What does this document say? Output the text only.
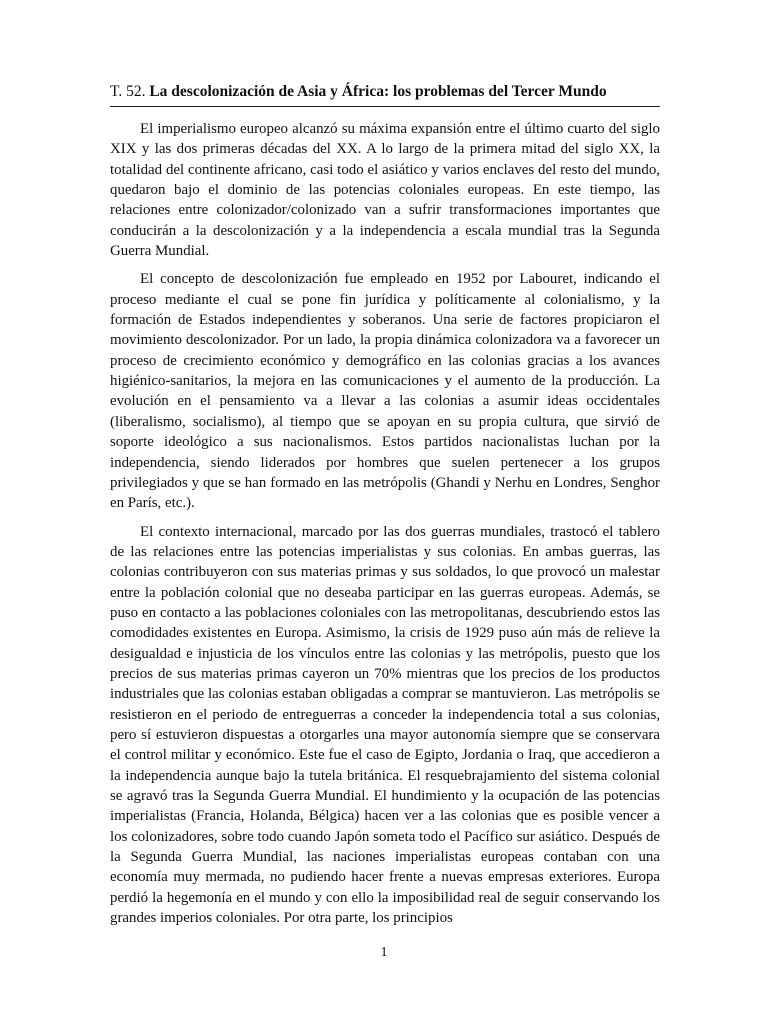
T. 52. La descolonización de Asia y África: los problemas del Tercer Mundo

El imperialismo europeo alcanzó su máxima expansión entre el último cuarto del siglo XIX y las dos primeras décadas del XX. A lo largo de la primera mitad del siglo XX, la totalidad del continente africano, casi todo el asiático y varios enclaves del resto del mundo, quedaron bajo el dominio de las potencias coloniales europeas. En este tiempo, las relaciones entre colonizador/colonizado van a sufrir transformaciones importantes que conducirán a la descolonización y a la independencia a escala mundial tras la Segunda Guerra Mundial.

El concepto de descolonización fue empleado en 1952 por Labouret, indicando el proceso mediante el cual se pone fin jurídica y políticamente al colonialismo, y la formación de Estados independientes y soberanos. Una serie de factores propiciaron el movimiento descolonizador. Por un lado, la propia dinámica colonizadora va a favorecer un proceso de crecimiento económico y demográfico en las colonias gracias a los avances higiénico-sanitarios, la mejora en las comunicaciones y el aumento de la producción. La evolución en el pensamiento va a llevar a las colonias a asumir ideas occidentales (liberalismo, socialismo), al tiempo que se apoyan en su propia cultura, que sirvió de soporte ideológico a sus nacionalismos. Estos partidos nacionalistas luchan por la independencia, siendo liderados por hombres que suelen pertenecer a los grupos privilegiados y que se han formado en las metrópolis (Ghandi y Nerhu en Londres, Senghor en París, etc.).

El contexto internacional, marcado por las dos guerras mundiales, trastocó el tablero de las relaciones entre las potencias imperialistas y sus colonias. En ambas guerras, las colonias contribuyeron con sus materias primas y sus soldados, lo que provocó un malestar entre la población colonial que no deseaba participar en las guerras europeas. Además, se puso en contacto a las poblaciones coloniales con las metropolitanas, descubriendo estos las comodidades existentes en Europa. Asimismo, la crisis de 1929 puso aún más de relieve la desigualdad e injusticia de los vínculos entre las colonias y las metrópolis, puesto que los precios de sus materias primas cayeron un 70% mientras que los precios de los productos industriales que las colonias estaban obligadas a comprar se mantuvieron. Las metrópolis se resistieron en el periodo de entreguerras a conceder la independencia total a sus colonias, pero sí estuvieron dispuestas a otorgarles una mayor autonomía siempre que se conservara el control militar y económico. Este fue el caso de Egipto, Jordania o Iraq, que accedieron a la independencia aunque bajo la tutela británica. El resquebrajamiento del sistema colonial se agravó tras la Segunda Guerra Mundial. El hundimiento y la ocupación de las potencias imperialistas (Francia, Holanda, Bélgica) hacen ver a las colonias que es posible vencer a los colonizadores, sobre todo cuando Japón someta todo el Pacífico sur asiático. Después de la Segunda Guerra Mundial, las naciones imperialistas europeas contaban con una economía muy mermada, no pudiendo hacer frente a nuevas empresas exteriores. Europa perdió la hegemonía en el mundo y con ello la imposibilidad real de seguir conservando los grandes imperios coloniales. Por otra parte, los principios

1
